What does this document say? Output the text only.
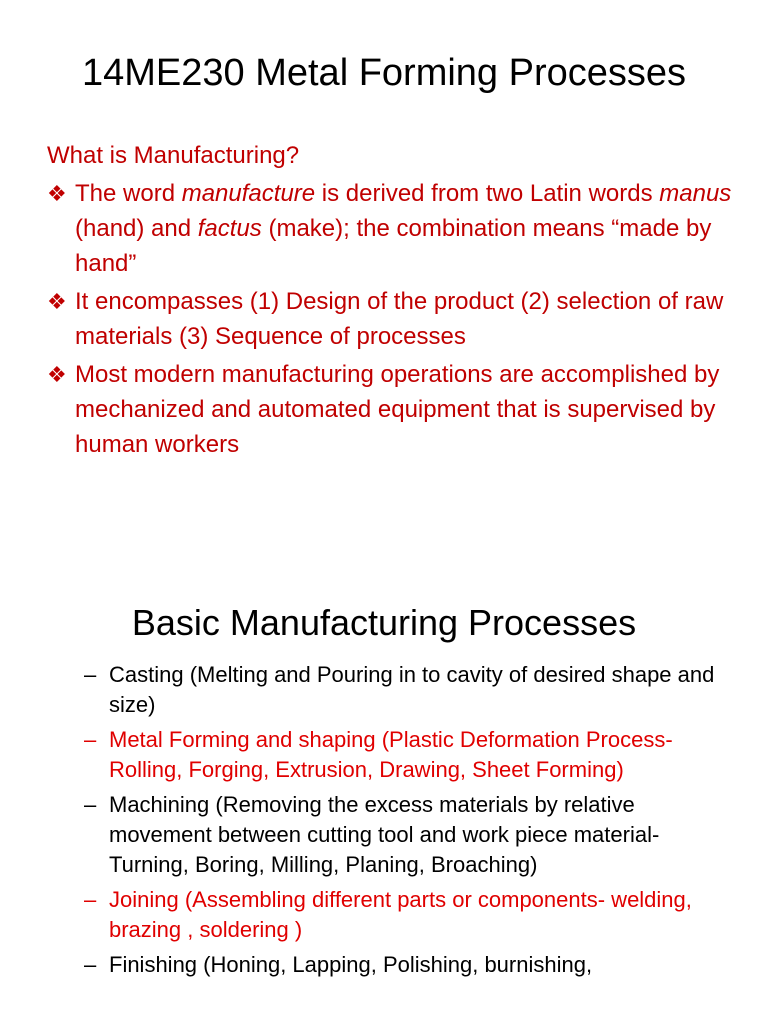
14ME230 Metal Forming Processes

What is Manufacturing?

❖ The word manufacture is derived from two Latin words manus (hand) and factus (make); the combination means “made by hand”
❖ It encompasses (1) Design of the product (2) selection of raw materials (3) Sequence of processes
❖ Most modern manufacturing operations are accomplished by mechanized and automated equipment that is supervised by human workers
Basic Manufacturing Processes
– Casting (Melting and Pouring in to cavity of desired shape and size)
– Metal Forming and shaping (Plastic Deformation Process- Rolling, Forging, Extrusion, Drawing, Sheet Forming)
– Machining (Removing the excess materials by relative movement between cutting tool and work piece material- Turning, Boring, Milling, Planing, Broaching)
– Joining (Assembling different parts or components- welding, brazing , soldering )
– Finishing (Honing, Lapping, Polishing, burnishing,
